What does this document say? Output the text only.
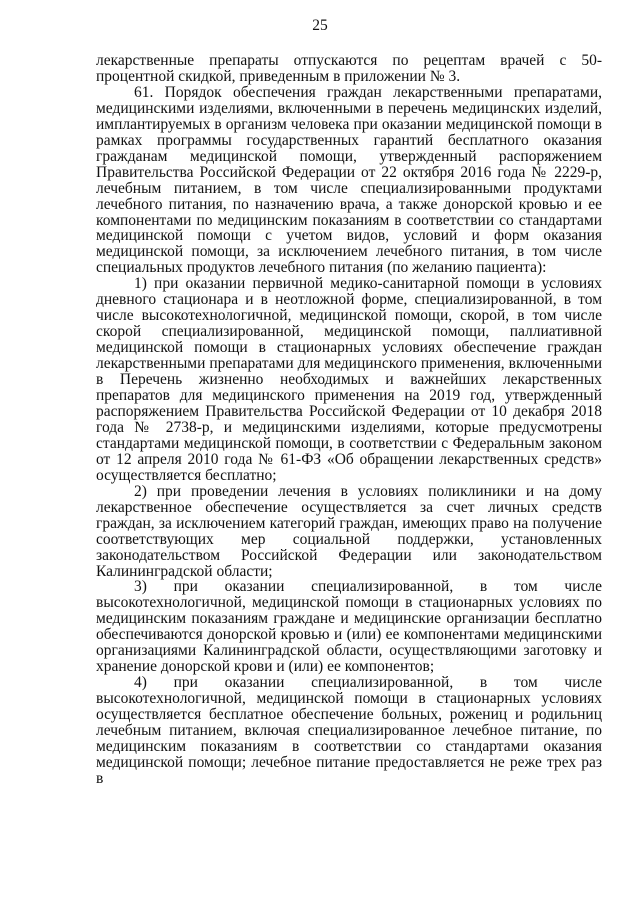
25

лекарственные препараты отпускаются по рецептам врачей с 50-процентной скидкой, приведенным в приложении № 3.

61. Порядок обеспечения граждан лекарственными препаратами, медицинскими изделиями, включенными в перечень медицинских изделий, имплантируемых в организм человека при оказании медицинской помощи в рамках программы государственных гарантий бесплатного оказания гражданам медицинской помощи, утвержденный распоряжением Правительства Российской Федерации от 22 октября 2016 года № 2229-р, лечебным питанием, в том числе специализированными продуктами лечебного питания, по назначению врача, а также донорской кровью и ее компонентами по медицинским показаниям в соответствии со стандартами медицинской помощи с учетом видов, условий и форм оказания медицинской помощи, за исключением лечебного питания, в том числе специальных продуктов лечебного питания (по желанию пациента):

1) при оказании первичной медико-санитарной помощи в условиях дневного стационара и в неотложной форме, специализированной, в том числе высокотехнологичной, медицинской помощи, скорой, в том числе скорой специализированной, медицинской помощи, паллиативной медицинской помощи в стационарных условиях обеспечение граждан лекарственными препаратами для медицинского применения, включенными в Перечень жизненно необходимых и важнейших лекарственных препаратов для медицинского применения на 2019 год, утвержденный распоряжением Правительства Российской Федерации от 10 декабря 2018 года № 2738-р, и медицинскими изделиями, которые предусмотрены стандартами медицинской помощи, в соответствии с Федеральным законом от 12 апреля 2010 года № 61-ФЗ «Об обращении лекарственных средств» осуществляется бесплатно;

2) при проведении лечения в условиях поликлиники и на дому лекарственное обеспечение осуществляется за счет личных средств граждан, за исключением категорий граждан, имеющих право на получение соответствующих мер социальной поддержки, установленных законодательством Российской Федерации или законодательством Калининградской области;

3) при оказании специализированной, в том числе высокотехнологичной, медицинской помощи в стационарных условиях по медицинским показаниям граждане и медицинские организации бесплатно обеспечиваются донорской кровью и (или) ее компонентами медицинскими организациями Калининградской области, осуществляющими заготовку и хранение донорской крови и (или) ее компонентов;

4) при оказании специализированной, в том числе высокотехнологичной, медицинской помощи в стационарных условиях осуществляется бесплатное обеспечение больных, рожениц и родильниц лечебным питанием, включая специализированное лечебное питание, по медицинским показаниям в соответствии со стандартами оказания медицинской помощи; лечебное питание предоставляется не реже трех раз в
